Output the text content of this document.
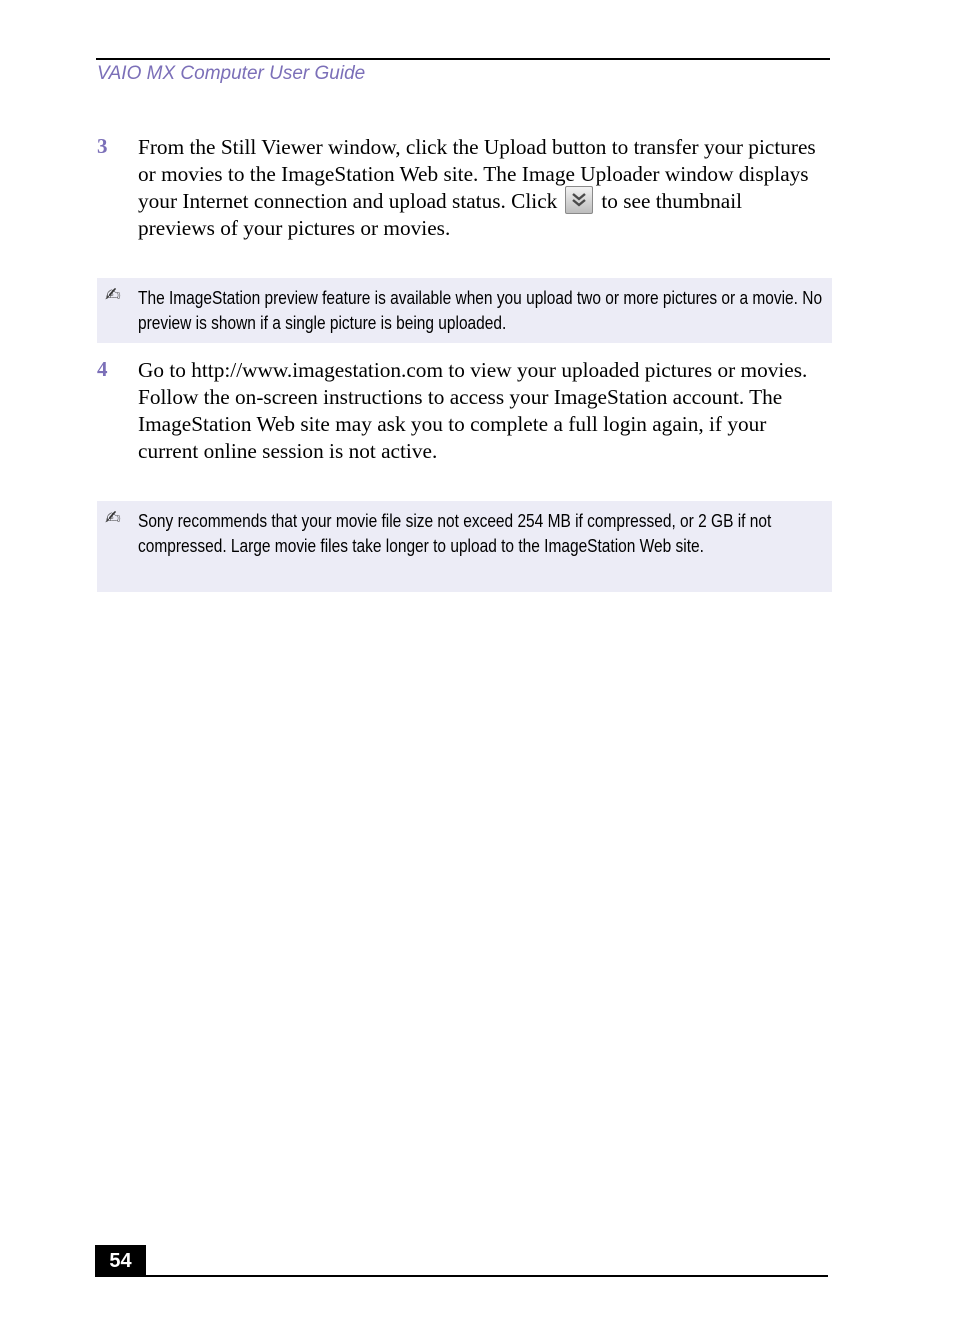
VAIO MX Computer User Guide
3 From the Still Viewer window, click the Upload button to transfer your pictures or movies to the ImageStation Web site. The Image Uploader window displays your Internet connection and upload status. Click to see thumbnail previews of your pictures or movies.
✍ The ImageStation preview feature is available when you upload two or more pictures or a movie. No preview is shown if a single picture is being uploaded.
4 Go to http://www.imagestation.com to view your uploaded pictures or movies. Follow the on-screen instructions to access your ImageStation account. The ImageStation Web site may ask you to complete a full login again, if your current online session is not active.
✍ Sony recommends that your movie file size not exceed 254 MB if compressed, or 2 GB if not compressed. Large movie files take longer to upload to the ImageStation Web site.
54
